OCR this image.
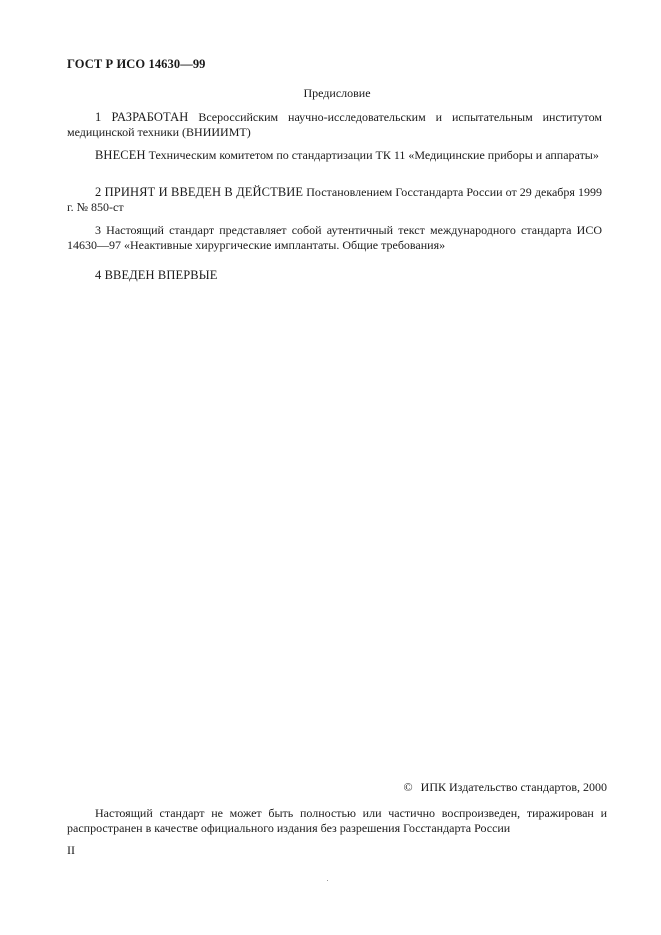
ГОСТ Р ИСО 14630—99
Предисловие

1 РАЗРАБОТАН Всероссийским научно-исследовательским и испытательным институтом медицинской техники (ВНИИИМТ)

ВНЕСЕН Техническим комитетом по стандартизации ТК 11 «Медицинские приборы и аппараты»

2 ПРИНЯТ И ВВЕДЕН В ДЕЙСТВИЕ Постановлением Госстандарта России от 29 декабря 1999 г. № 850-ст

3 Настоящий стандарт представляет собой аутентичный текст международного стандарта ИСО 14630—97 «Неактивные хирургические имплантаты. Общие требования»

4 ВВЕДЕН ВПЕРВЫЕ

© ИПК Издательство стандартов, 2000

Настоящий стандарт не может быть полностью или частично воспроизведен, тиражирован и распространен в качестве официального издания без разрешения Госстандарта России

II
